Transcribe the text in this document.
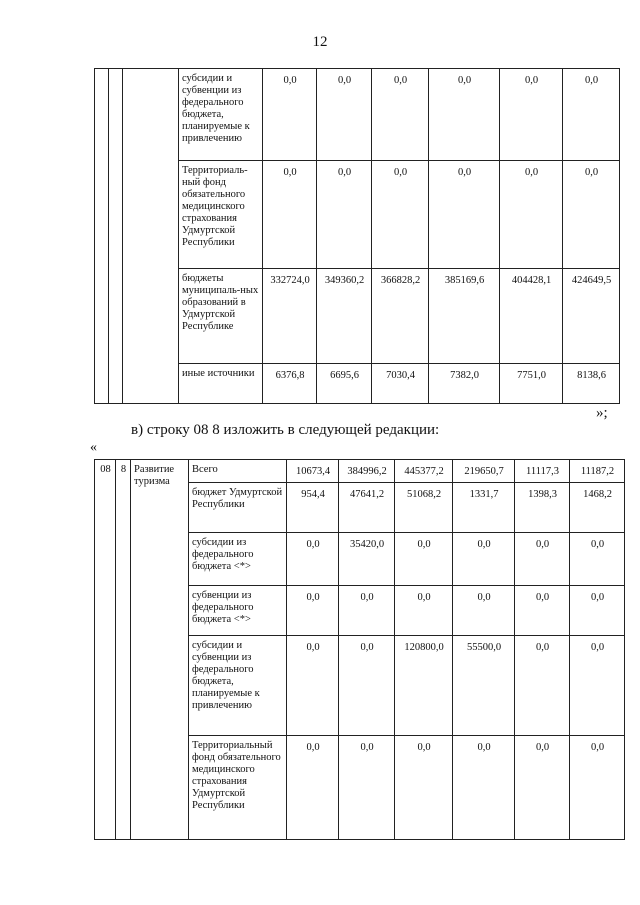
12
			субсидии и субвенции из федерального бюджета, планируемые к привлечению	0,0	0,0	0,0	0,0	0,0	0,0
			Территориаль-ный фонд обязательного медицинского страхования Удмуртской Республики	0,0	0,0	0,0	0,0	0,0	0,0
			бюджеты муниципаль-ных образований в Удмуртской Республике	332724,0	349360,2	366828,2	385169,6	404428,1	424649,5
			иные источники	6376,8	6695,6	7030,4	7382,0	7751,0	8138,6
»;
в) строку 08 8 изложить в следующей редакции:
«
08	8	Развитие туризма	Всего	10673,4	384996,2	445377,2	219650,7	11117,3	11187,2
			бюджет Удмуртской Республики	954,4	47641,2	51068,2	1331,7	1398,3	1468,2
			субсидии из федерального бюджета <*>	0,0	35420,0	0,0	0,0	0,0	0,0
			субвенции из федерального бюджета <*>	0,0	0,0	0,0	0,0	0,0	0,0
			субсидии и субвенции из федерального бюджета, планируемые к привлечению	0,0	0,0	120800,0	55500,0	0,0	0,0
			Территориальный фонд обязательного медицинского страхования Удмуртской Республики	0,0	0,0	0,0	0,0	0,0	0,0
